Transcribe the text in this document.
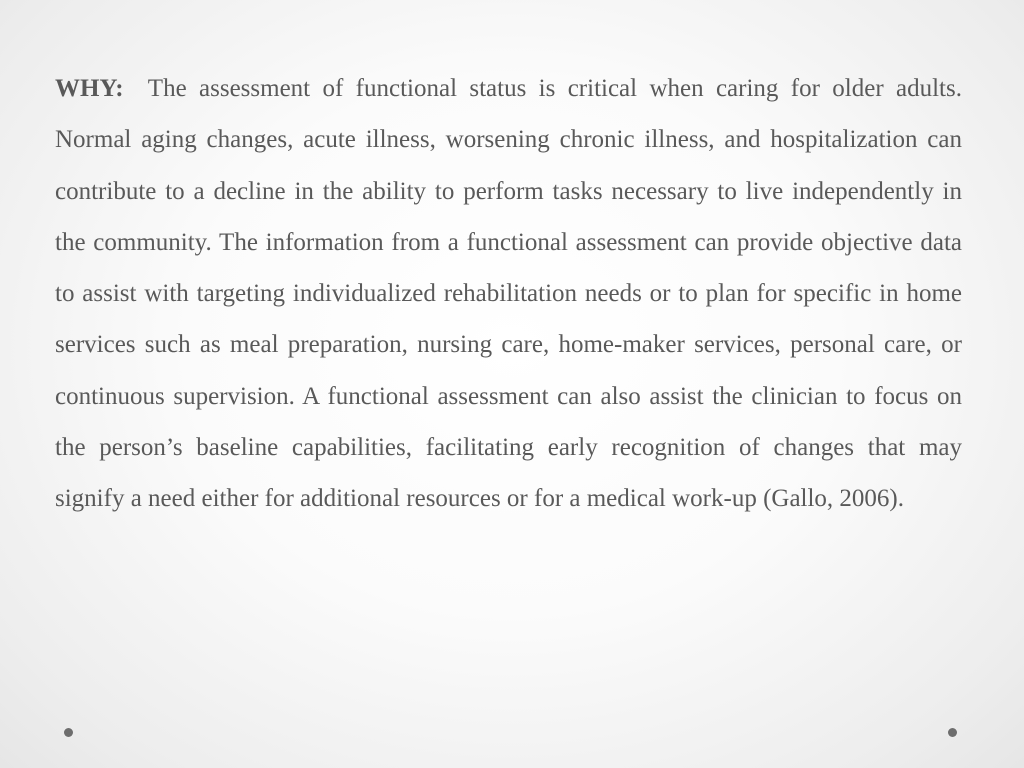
WHY: The assessment of functional status is critical when caring for older adults. Normal aging changes, acute illness, worsening chronic illness, and hospitalization can contribute to a decline in the ability to perform tasks necessary to live independently in the community. The information from a functional assessment can provide objective data to assist with targeting individualized rehabilitation needs or to plan for specific in home services such as meal preparation, nursing care, home-maker services, personal care, or continuous supervision. A functional assessment can also assist the clinician to focus on the person’s baseline capabilities, facilitating early recognition of changes that may signify a need either for additional resources or for a medical work-up (Gallo, 2006).
